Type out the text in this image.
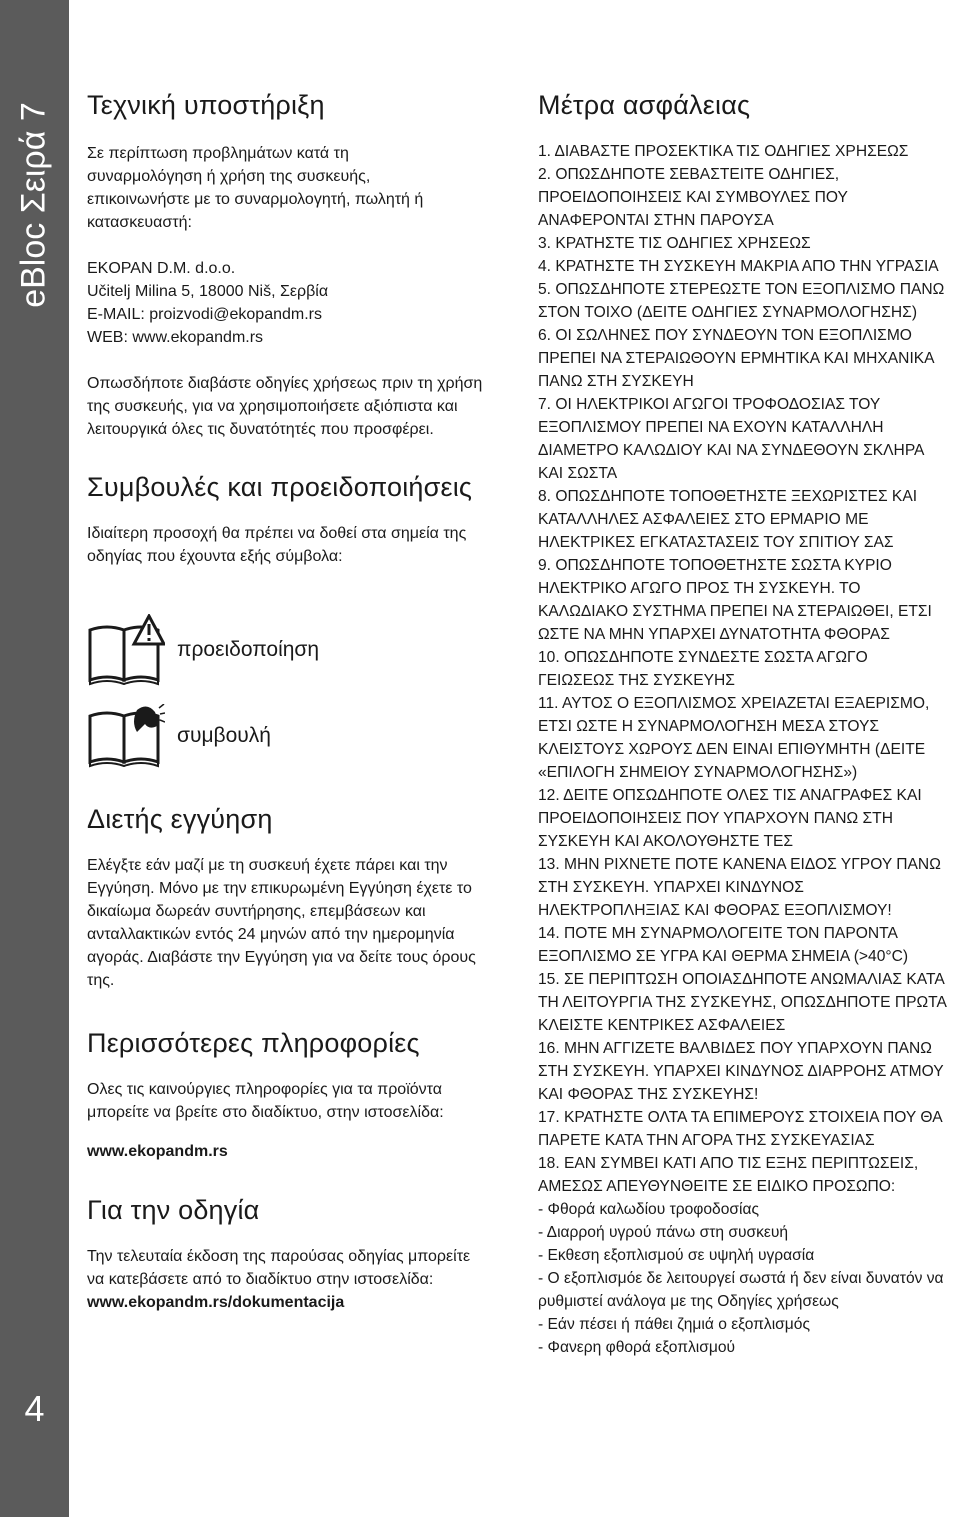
eBloc Σειρά 7
4
Τεχνική υποστήριξη

Σε περίπτωση προβλημάτων κατά τη συναρμολόγηση ή χρήση της συσκευής, επικοινωνήστε με το συναρμολογητή, πωλητή ή κατασκευαστή:

EKOPAN D.M. d.o.o.

Učitelj Milina 5, 18000 Niš, Σερβία

E-MAIL: proizvodi@ekopandm.rs

WEB: www.ekopandm.rs

Οπωσδήποτε διαβάστε οδηγίες χρήσεως πριν τη χρήση της συσκευής, για να χρησιμοποιήσετε αξιόπιστα και λειτουργικά όλες τις δυνατότητές που προσφέρει.

Συμβουλές και προειδοποιήσεις

Ιδιαίτερη προσοχή θα πρέπει να δοθεί στα σημεία της οδηγίας που έχουντα εξής σύμβολα:

προειδοποίηση
συμβουλή
Διετής εγγύηση

Ελέγξτε εάν μαζί με τη συσκευή έχετε πάρει και την Εγγύηση. Μόνο με την επικυρωμένη Εγγύηση έχετε το δικαίωμα δωρεάν συντήρησης, επεμβάσεων και ανταλλακτικών εντός 24 μηνών από την ημερομηνία αγοράς. Διαβάστε την Εγγύηση για να δείτε τους όρους της.

Περισσότερες πληροφορίες

Ολες τις καινούργιες πληροφορίες για τα προϊόντα μπορείτε να βρείτε στο διαδίκτυο, στην ιστοσελίδα:

www.ekopandm.rs

Για την οδηγία

Την τελευταία έκδοση της παρούσας οδηγίας μπορείτε να κατεβάσετε από το διαδίκτυο στην ιστοσελίδα: www.ekopandm.rs/dokumentacija

Μέτρα ασφάλειας
1. ΔΙΑΒΑΣΤΕ ΠΡΟΣΕΚΤΙΚΑ ΤΙΣ ΟΔΗΓΙΕΣ ΧΡΗΣΕΩΣ
2. ΟΠΩΣΔΗΠΟΤΕ ΣΕΒΑΣΤΕΙΤΕ ΟΔΗΓΙΕΣ, ΠΡΟΕΙΔΟΠΟΙΗΣΕΙΣ ΚΑΙ ΣΥΜΒΟΥΛΕΣ ΠΟΥ ΑΝΑΦΕΡΟΝΤΑΙ ΣΤΗΝ ΠΑΡΟΥΣΑ
3. ΚΡΑΤΗΣΤΕ ΤΙΣ ΟΔΗΓΙΕΣ ΧΡΗΣΕΩΣ
4. ΚΡΑΤΗΣΤΕ ΤΗ ΣΥΣΚΕΥΗ ΜΑΚΡΙΑ ΑΠΟ ΤΗΝ ΥΓΡΑΣΙΑ
5. ΟΠΩΣΔΗΠΟΤΕ ΣΤΕΡΕΩΣΤΕ ΤΟΝ ΕΞΟΠΛΙΣΜΟ ΠΑΝΩ ΣΤΟΝ ΤΟΙΧΟ (ΔΕΙΤΕ ΟΔΗΓΙΕΣ ΣΥΝΑΡΜΟΛΟΓΗΣΗΣ)
6. ΟΙ ΣΩΛΗΝΕΣ ΠΟΥ ΣΥΝΔΕΟΥΝ ΤΟΝ ΕΞΟΠΛΙΣΜΟ ΠΡΕΠΕΙ ΝΑ ΣΤΕΡΑΙΩΘΟΥΝ ΕΡΜΗΤΙΚΑ ΚΑΙ ΜΗΧΑΝΙΚΑ ΠΑΝΩ ΣΤΗ ΣΥΣΚΕΥΗ
7. ΟΙ ΗΛΕΚΤΡΙΚΟΙ ΑΓΩΓΟΙ ΤΡΟΦΟΔΟΣΙΑΣ ΤΟΥ ΕΞΟΠΛΙΣΜΟΥ ΠΡΕΠΕΙ ΝΑ ΕΧΟΥΝ ΚΑΤΑΛΛΗΛΗ ΔΙΑΜΕΤΡΟ ΚΑΛΩΔΙΟΥ ΚΑΙ ΝΑ ΣΥΝΔΕΘΟΥΝ ΣΚΛΗΡΑ ΚΑΙ ΣΩΣΤΑ
8. ΟΠΩΣΔΗΠΟΤΕ ΤΟΠΟΘΕΤΗΣΤΕ ΞΕΧΩΡΙΣΤΕΣ ΚΑΙ ΚΑΤΑΛΛΗΛΕΣ ΑΣΦΑΛΕΙΕΣ ΣΤΟ ΕΡΜΑΡΙΟ ΜΕ ΗΛΕΚΤΡΙΚΕΣ ΕΓΚΑΤΑΣΤΑΣΕΙΣ ΤΟΥ ΣΠΙΤΙΟΥ ΣΑΣ
9. ΟΠΩΣΔΗΠΟΤΕ ΤΟΠΟΘΕΤΗΣΤΕ ΣΩΣΤΑ ΚΥΡΙΟ ΗΛΕΚΤΡΙΚΟ ΑΓΩΓΟ ΠΡΟΣ ΤΗ ΣΥΣΚΕΥΗ. ΤΟ ΚΑΛΩΔΙΑΚΟ ΣΥΣΤΗΜΑ ΠΡΕΠΕΙ ΝΑ ΣΤΕΡΑΙΩΘΕΙ, ΕΤΣΙ ΩΣΤΕ ΝΑ ΜΗΝ ΥΠΑΡΧΕΙ ΔΥΝΑΤΟΤΗΤΑ ΦΘΟΡΑΣ
10. ΟΠΩΣΔΗΠΟΤΕ ΣΥΝΔΕΣΤΕ ΣΩΣΤΑ ΑΓΩΓΟ ΓΕΙΩΣΕΩΣ ΤΗΣ ΣΥΣΚΕΥΗΣ
11. ΑΥΤΟΣ Ο ΕΞΟΠΛΙΣΜΟΣ ΧΡΕΙΑΖΕΤΑΙ ΕΞΑΕΡΙΣΜΟ, ΕΤΣΙ ΩΣΤΕ Η ΣΥΝΑΡΜΟΛΟΓΗΣΗ ΜΕΣΑ ΣΤΟΥΣ ΚΛΕΙΣΤΟΥΣ ΧΩΡΟΥΣ ΔΕΝ ΕΙΝΑΙ ΕΠΙΘΥΜΗΤΗ (ΔΕΙΤΕ «ΕΠΙΛΟΓΗ ΣΗΜΕΙΟΥ ΣΥΝΑΡΜΟΛΟΓΗΣΗΣ»)
12. ΔΕΙΤΕ ΟΠΣΩΔΗΠΟΤΕ ΟΛΕΣ ΤΙΣ ΑΝΑΓΡΑΦΕΣ ΚΑΙ ΠΡΟΕΙΔΟΠΟΙΗΣΕΙΣ ΠΟΥ ΥΠΑΡΧΟΥΝ ΠΑΝΩ ΣΤΗ ΣΥΣΚΕΥΗ ΚΑΙ ΑΚΟΛΟΥΘΗΣΤΕ ΤΕΣ
13. ΜΗΝ ΡΙΧΝΕΤΕ ΠΟΤΕ ΚΑΝΕΝΑ ΕΙΔΟΣ ΥΓΡΟΥ ΠΑΝΩ ΣΤΗ ΣΥΣΚΕΥΗ. ΥΠΑΡΧΕΙ ΚΙΝΔΥΝΟΣ ΗΛΕΚΤΡΟΠΛΗΞΙΑΣ ΚΑΙ ΦΘΟΡΑΣ ΕΞΟΠΛΙΣΜΟΥ!
14. ΠΟΤΕ ΜΗ ΣΥΝΑΡΜΟΛΟΓΕΙΤΕ ΤΟΝ ΠΑΡΟΝΤΑ ΕΞΟΠΛΙΣΜΟ ΣΕ ΥΓΡΑ ΚΑΙ ΘΕΡΜΑ ΣΗΜΕΙΑ (>40°C)
15. ΣΕ ΠΕΡΙΠΤΩΣΗ ΟΠΟΙΑΣΔΗΠΟΤΕ ΑΝΩΜΑΛΙΑΣ ΚΑΤΑ ΤΗ ΛΕΙΤΟΥΡΓΙΑ ΤΗΣ ΣΥΣΚΕΥΗΣ, ΟΠΩΣΔΗΠΟΤΕ ΠΡΩΤΑ ΚΛΕΙΣΤΕ ΚΕΝΤΡΙΚΕΣ ΑΣΦΑΛΕΙΕΣ
16. ΜΗΝ ΑΓΓΙΖΕΤΕ ΒΑΛΒΙΔΕΣ ΠΟΥ ΥΠΑΡΧΟΥΝ ΠΑΝΩ ΣΤΗ ΣΥΣΚΕΥΗ. ΥΠΑΡΧΕΙ ΚΙΝΔΥΝΟΣ ΔΙΑΡΡΟΗΣ ΑΤΜΟΥ ΚΑΙ ΦΘΟΡΑΣ ΤΗΣ ΣΥΣΚΕΥΗΣ!
17. ΚΡΑΤΗΣΤΕ ΟΛΤΑ ΤΑ ΕΠΙΜΕΡΟΥΣ ΣΤΟΙΧΕΙΑ ΠΟΥ ΘΑ ΠΑΡΕΤΕ ΚΑΤΑ ΤΗΝ ΑΓΟΡΑ ΤΗΣ ΣΥΣΚΕΥΑΣΙΑΣ
18. ΕΑΝ ΣΥΜΒΕΙ ΚΑΤΙ ΑΠΟ ΤΙΣ ΕΞΗΣ ΠΕΡΙΠΤΩΣΕΙΣ, ΑΜΕΣΩΣ ΑΠΕΥΘΥΝΘΕΙΤΕ ΣΕ ΕΙΔΙΚΟ ΠΡΟΣΩΠΟ:
- Φθορά καλωδίου τροφοδοσίας
- Διαρροή υγρού πάνω στη συσκευή
- Εκθεση εξοπλισμού σε υψηλή υγρασία
- Ο εξοπλισμόε δε λειτουργεί σωστά ή δεν είναι δυνατόν να ρυθμιστεί ανάλογα με της Οδηγίες χρήσεως
- Εάν πέσει ή πάθει ζημιά ο εξοπλισμός
- Φανερη φθορά εξοπλισμού
